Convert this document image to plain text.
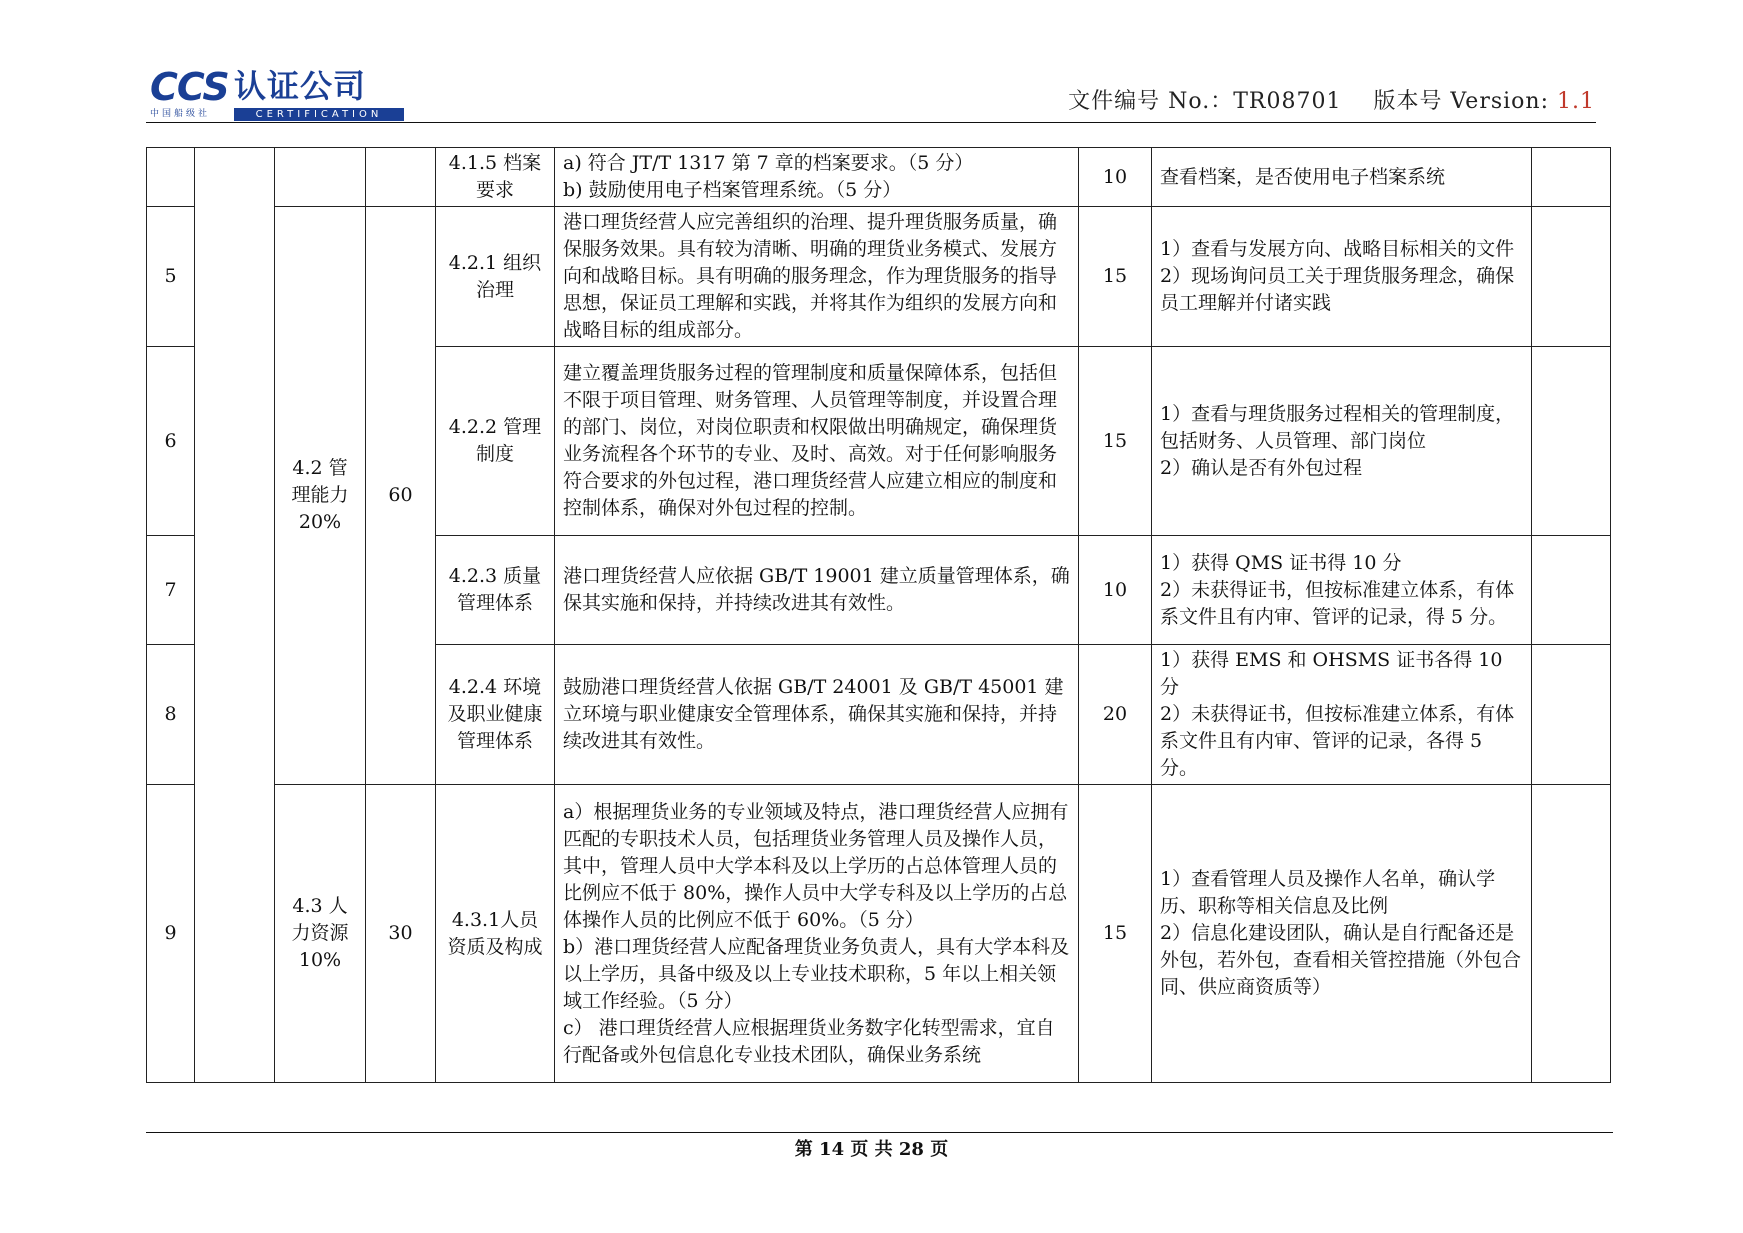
CCS 认证公司
中国船级社	CERTIFICATION
文件编号 No.：TR08701 版本号 Version: 1.1
				4.1.5 档案要求	a) 符合 JT/T 1317 第 7 章的档案要求。（5 分）
b) 鼓励使用电子档案管理系统。（5 分）	10	查看档案，是否使用电子档案系统	

5		4.2 管理能力 20%	60	4.2.1 组织治理	港口理货经营人应完善组织的治理、提升理货服务质量，确保服务效果。具有较为清晰、明确的理货业务模式、发展方向和战略目标。具有明确的服务理念，作为理货服务的指导思想，保证员工理解和实践，并将其作为组织的发展方向和战略目标的组成部分。	15	1）查看与发展方向、战略目标相关的文件
2）现场询问员工关于理货服务理念，确保员工理解并付诸实践	

6				4.2.2 管理制度	建立覆盖理货服务过程的管理制度和质量保障体系，包括但不限于项目管理、财务管理、人员管理等制度，并设置合理的部门、岗位，对岗位职责和权限做出明确规定，确保理货业务流程各个环节的专业、及时、高效。对于任何影响服务符合要求的外包过程，港口理货经营人应建立相应的制度和控制体系，确保对外包过程的控制。	15	1）查看与理货服务过程相关的管理制度，包括财务、人员管理、部门岗位
2）确认是否有外包过程	

7				4.2.3 质量管理体系	港口理货经营人应依据 GB/T 19001 建立质量管理体系，确保其实施和保持，并持续改进其有效性。	10	1）获得 QMS 证书得 10 分
2）未获得证书，但按标准建立体系，有体系文件且有内审、管评的记录，得 5 分。	

8				4.2.4 环境及职业健康管理体系	鼓励港口理货经营人依据 GB/T 24001 及 GB/T 45001 建立环境与职业健康安全管理体系，确保其实施和保持，并持续改进其有效性。	20	1）获得 EMS 和 OHSMS 证书各得 10 分
2）未获得证书，但按标准建立体系，有体系文件且有内审、管评的记录，各得 5 分。	

9		4.3 人力资源 10%	30	4.3.1人员资质及构成	a）根据理货业务的专业领域及特点，港口理货经营人应拥有匹配的专职技术人员，包括理货业务管理人员及操作人员，其中，管理人员中大学本科及以上学历的占总体管理人员的比例应不低于 80%，操作人员中大学专科及以上学历的占总体操作人员的比例应不低于 60%。（5 分）
b）港口理货经营人应配备理货业务负责人，具有大学本科及以上学历，具备中级及以上专业技术职称，5 年以上相关领域工作经验。（5 分）
c） 港口理货经营人应根据理货业务数字化转型需求，宜自行配备或外包信息化专业技术团队，确保业务系统	15	1）查看管理人员及操作人名单，确认学历、职称等相关信息及比例
2）信息化建设团队，确认是自行配备还是外包，若外包，查看相关管控措施（外包合同、供应商资质等）	

第 14 页 共 28 页
